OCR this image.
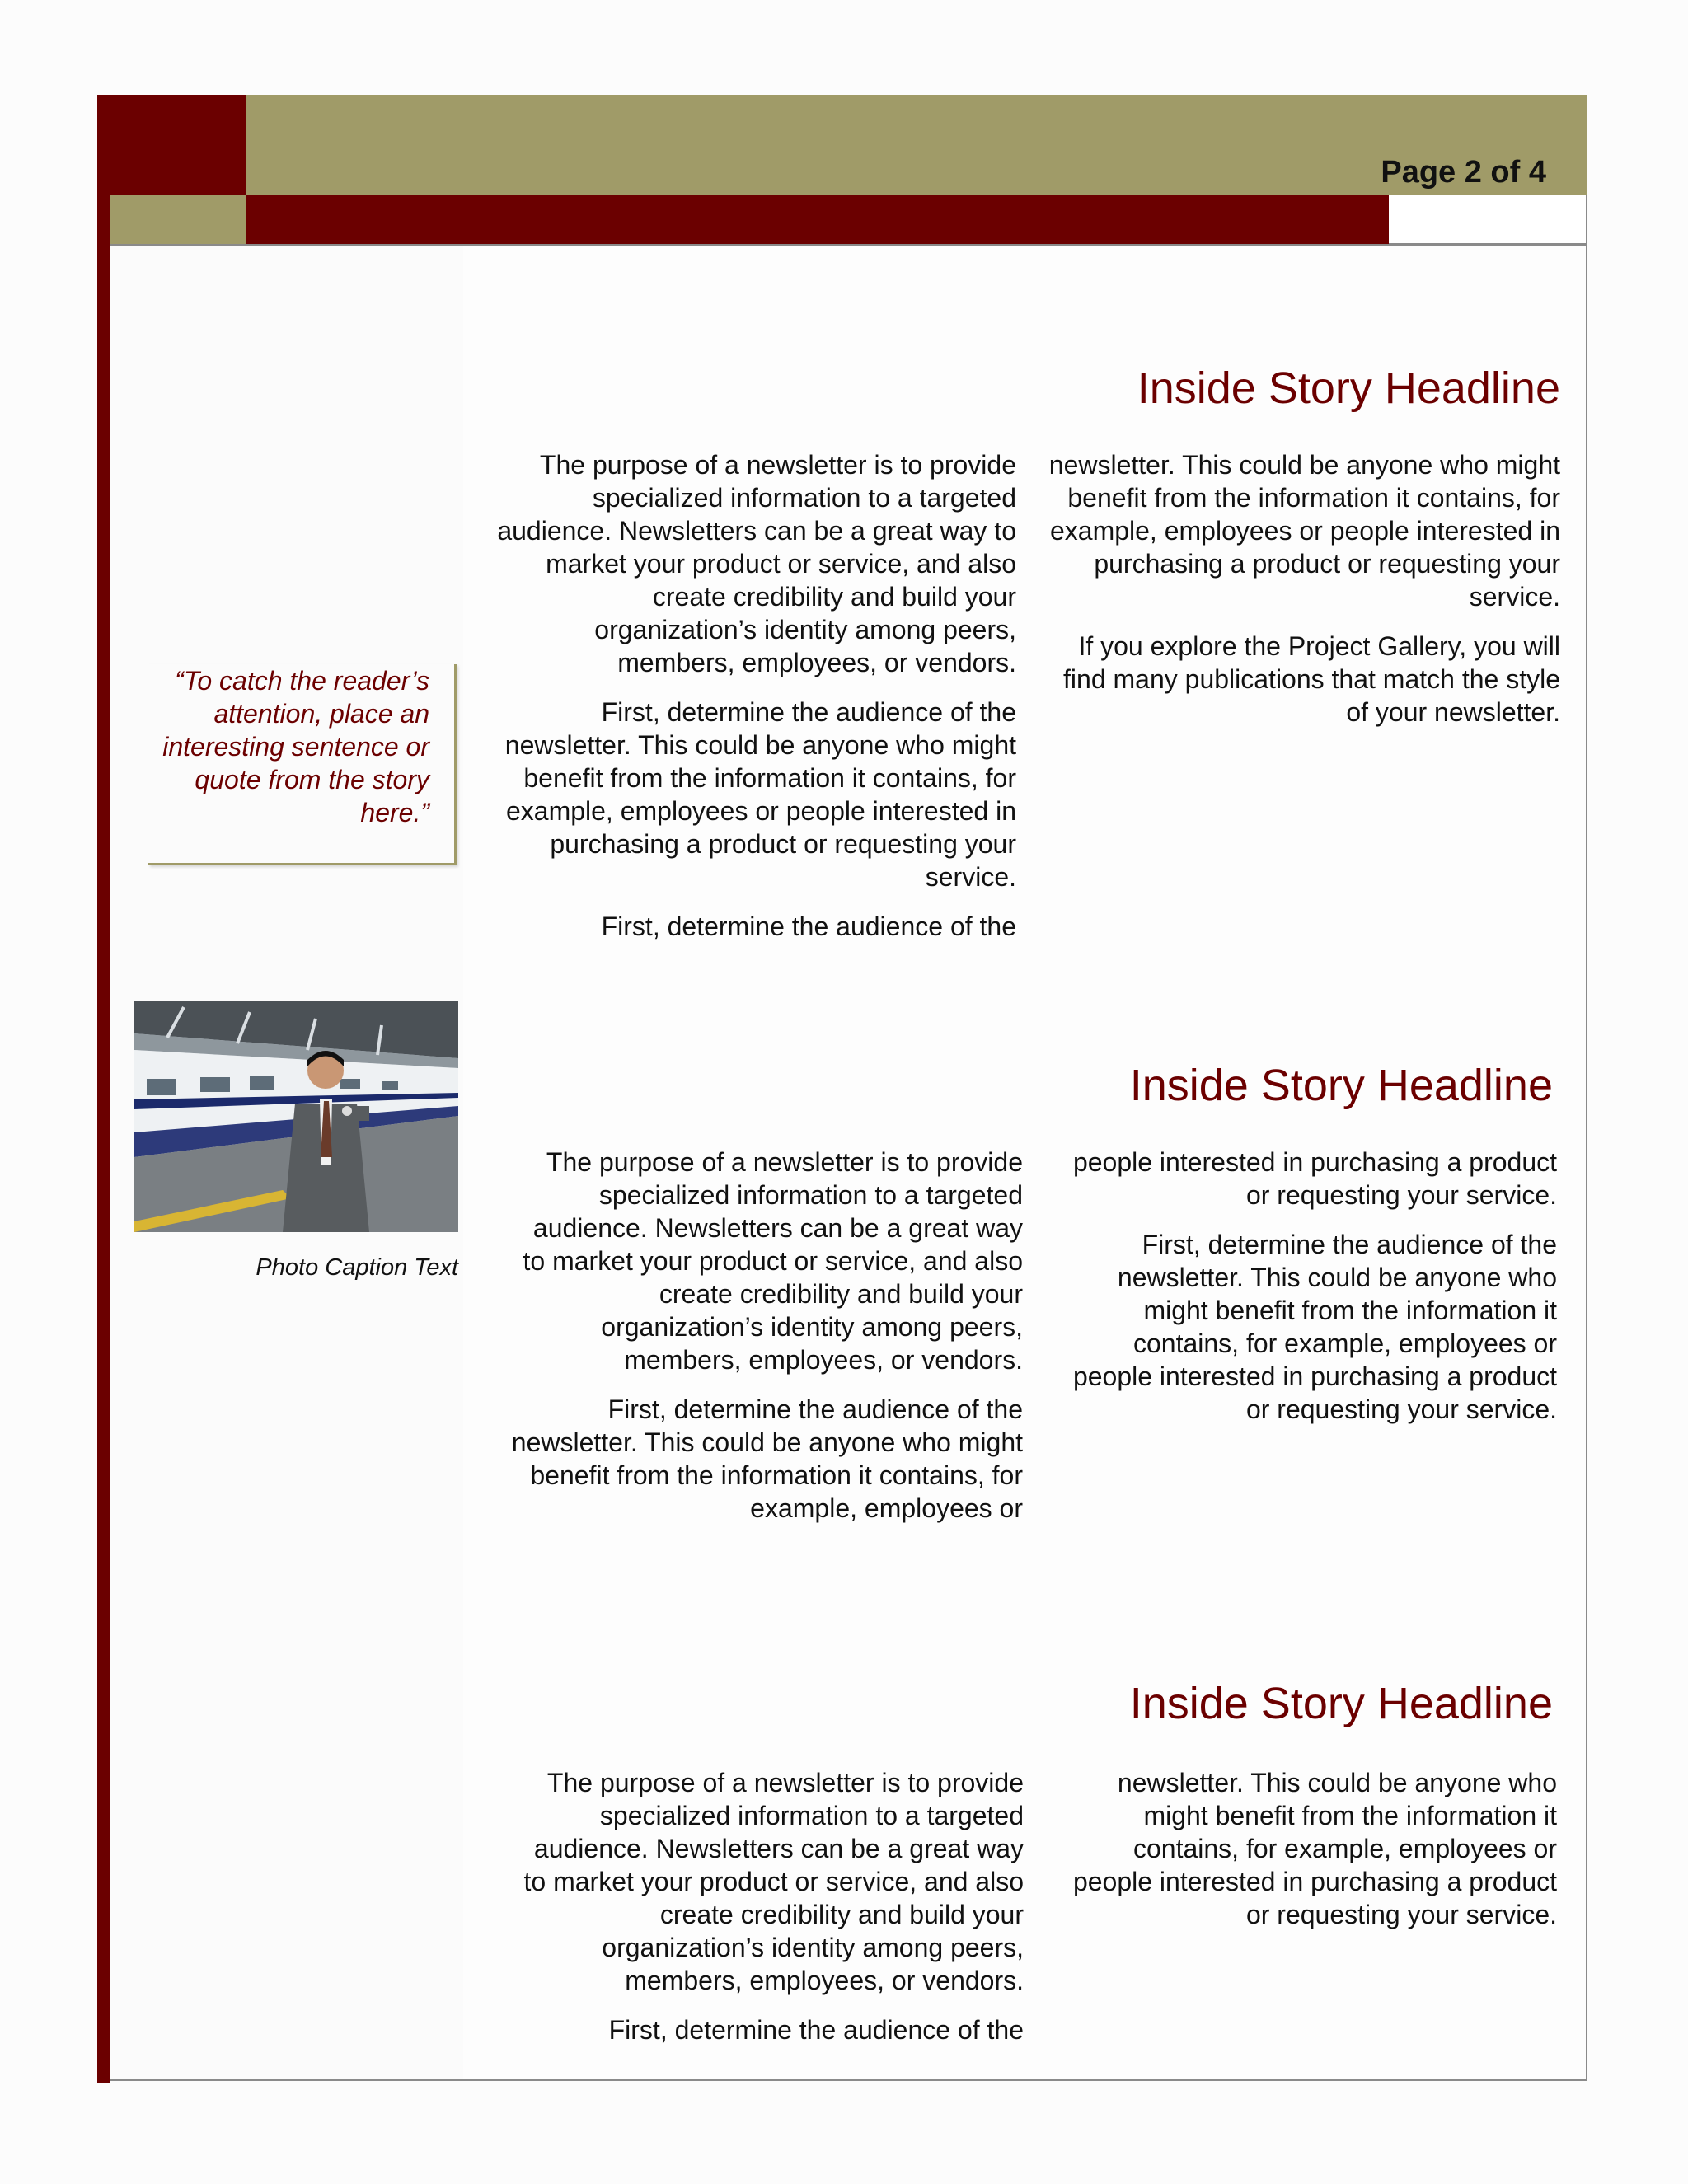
Page 2 of 4
“To catch the reader’s attention, place an interesting sentence or quote from the story here.”
Photo Caption Text
Inside Story Headline

The purpose of a newsletter is to provide specialized information to a targeted audience. Newsletters can be a great way to market your product or service, and also create credibility and build your organization’s identity among peers, members, employees, or vendors.

First, determine the audience of the newsletter. This could be anyone who might benefit from the information it contains, for example, employees or people interested in purchasing a product or requesting your service.

First, determine the audience of the

newsletter. This could be anyone who might benefit from the information it contains, for example, employees or people interested in purchasing a product or requesting your service.

If you explore the Project Gallery, you will find many publications that match the style of your newsletter.

Inside Story Headline

The purpose of a newsletter is to provide specialized information to a targeted audience. Newsletters can be a great way to market your product or service, and also create credibility and build your organization’s identity among peers, members, employees, or vendors.

First, determine the audience of the newsletter. This could be anyone who might benefit from the information it contains, for example, employees or

people interested in purchasing a product or requesting your service.

First, determine the audience of the newsletter. This could be anyone who might benefit from the information it contains, for example, employees or people interested in purchasing a product or requesting your service.

Inside Story Headline

The purpose of a newsletter is to provide specialized information to a targeted audience. Newsletters can be a great way to market your product or service, and also create credibility and build your organization’s identity among peers, members, employees, or vendors.

First, determine the audience of the

newsletter. This could be anyone who might benefit from the information it contains, for example, employees or people interested in purchasing a product or requesting your service.
